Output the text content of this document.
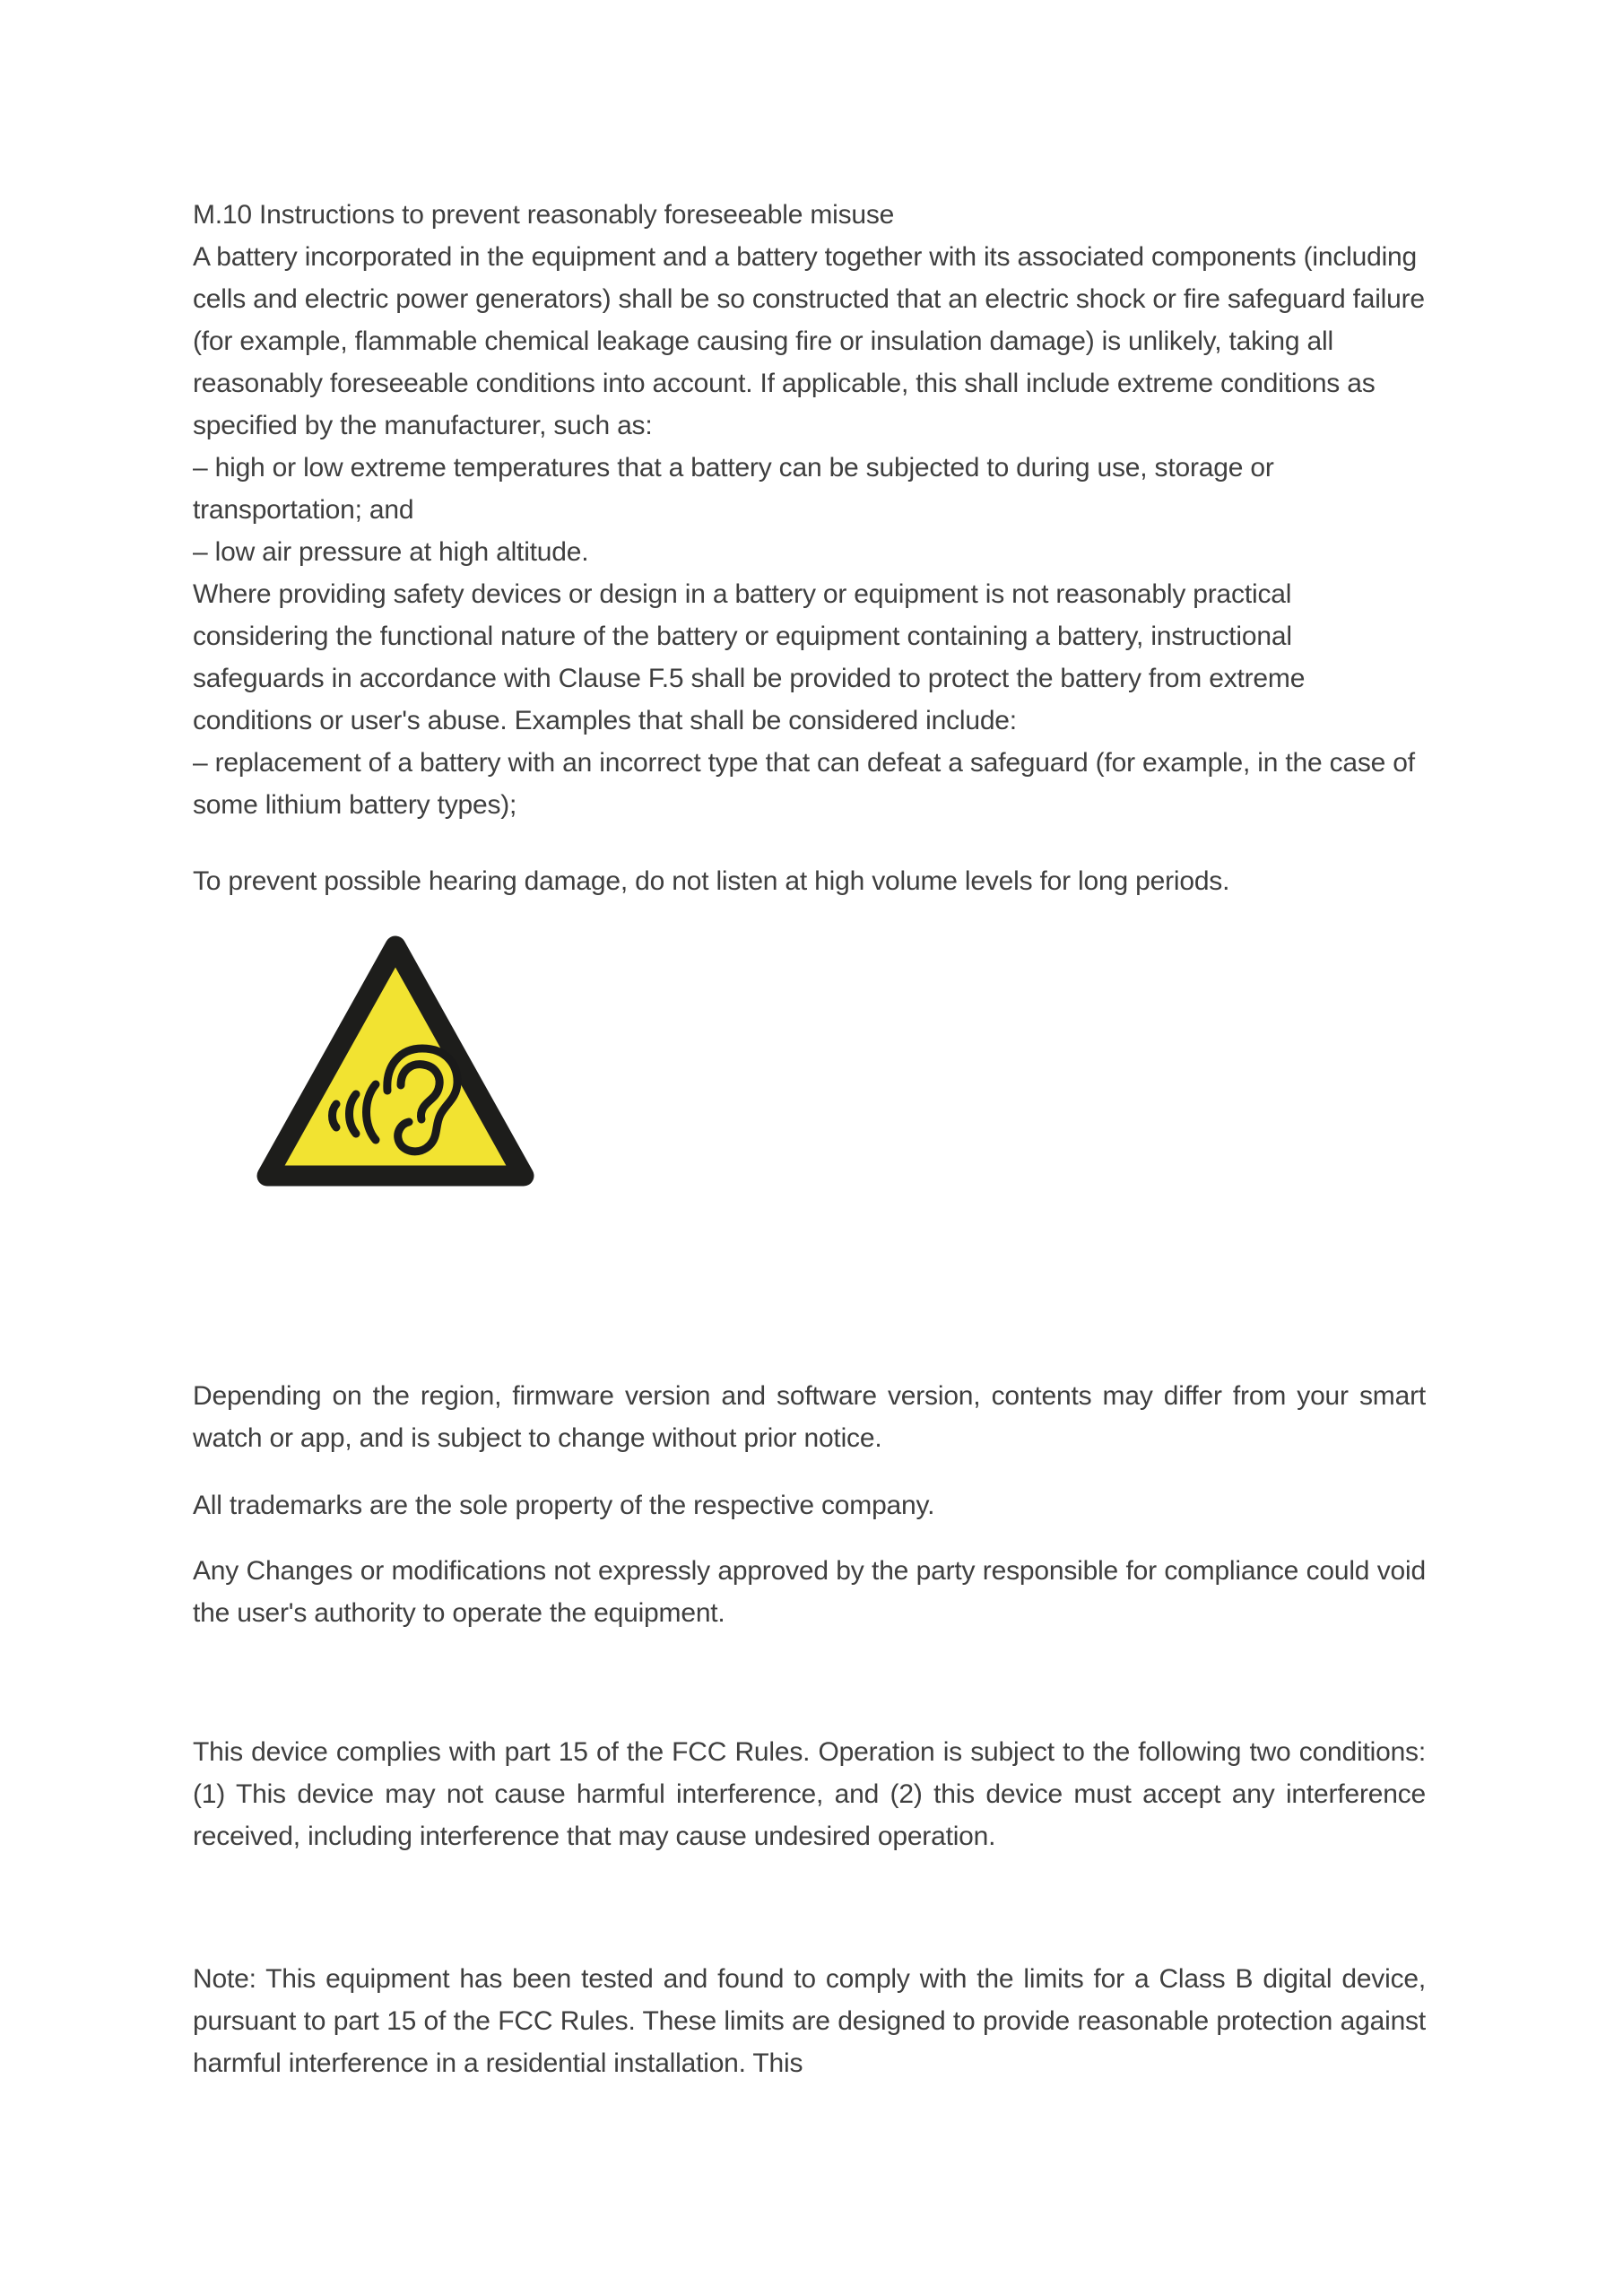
M.10 Instructions to prevent reasonably foreseeable misuse
A battery incorporated in the equipment and a battery together with its associated components (including cells and electric power generators) shall be so constructed that an electric shock or fire safeguard failure (for example, flammable chemical leakage causing fire or insulation damage) is unlikely, taking all reasonably foreseeable conditions into account. If applicable, this shall include extreme conditions as specified by the manufacturer, such as:
– high or low extreme temperatures that a battery can be subjected to during use, storage or transportation; and
– low air pressure at high altitude.
Where providing safety devices or design in a battery or equipment is not reasonably practical considering the functional nature of the battery or equipment containing a battery, instructional safeguards in accordance with Clause F.5 shall be provided to protect the battery from extreme conditions or user's abuse. Examples that shall be considered include:
– replacement of a battery with an incorrect type that can defeat a safeguard (for example, in the case of some lithium battery types);
To prevent possible hearing damage, do not listen at high volume levels for long periods.
Depending on the region, firmware version and software version, contents may differ from your smart watch or app, and is subject to change without prior notice.
All trademarks are the sole property of the respective company.
Any Changes or modifications not expressly approved by the party responsible for compliance could void the user's authority to operate the equipment.
This device complies with part 15 of the FCC Rules. Operation is subject to the following two conditions: (1) This device may not cause harmful interference, and (2) this device must accept any interference received, including interference that may cause undesired operation.
Note: This equipment has been tested and found to comply with the limits for a Class B digital device, pursuant to part 15 of the FCC Rules. These limits are designed to provide reasonable protection against harmful interference in a residential installation. This
